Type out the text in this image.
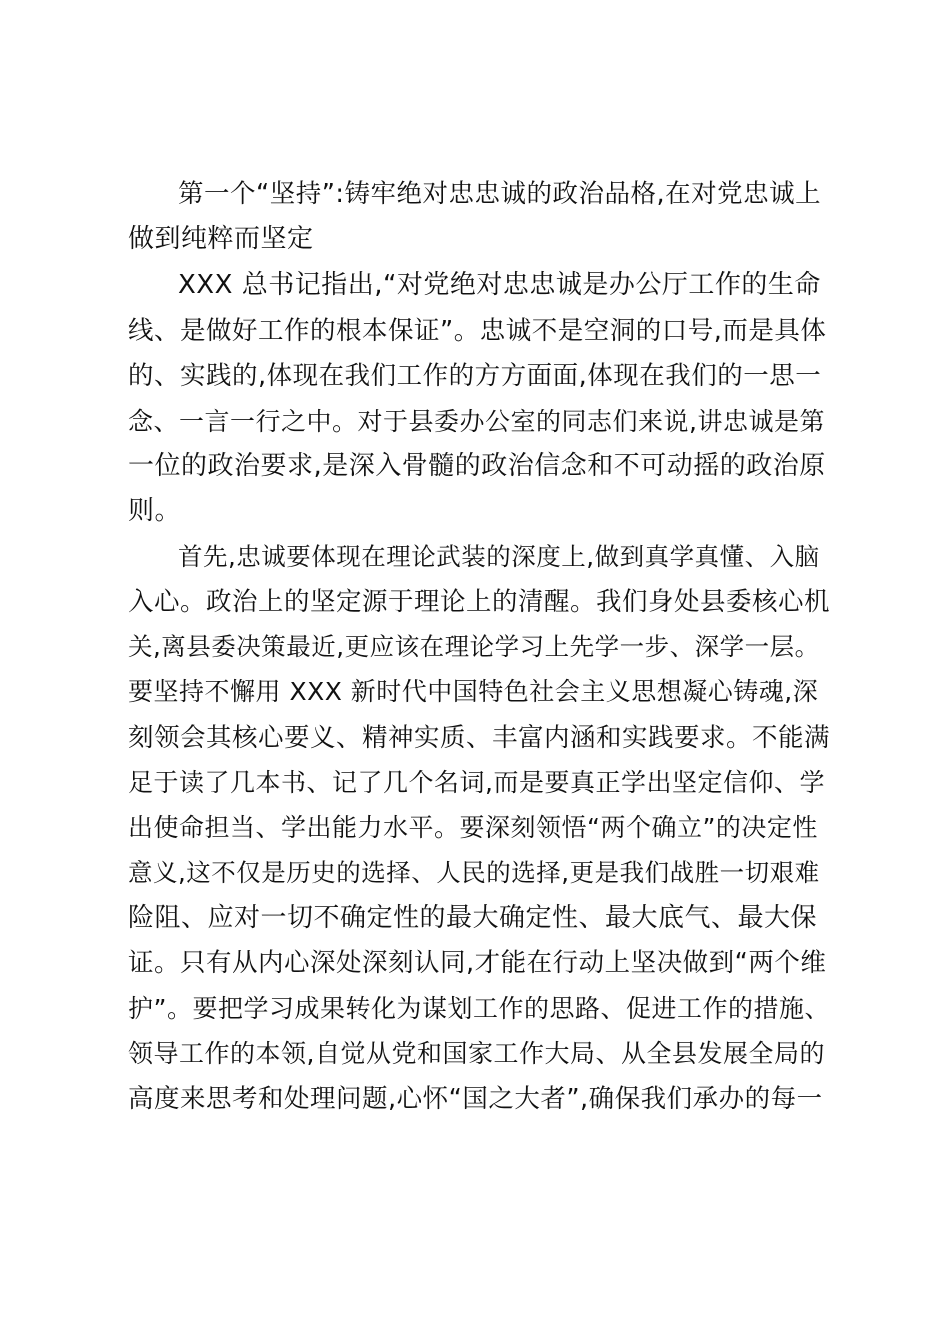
第一个“坚持”:铸牢绝对忠忠诚的政治品格,在对党忠诚上

做到纯粹而坚定

XXX 总书记指出,“对党绝对忠忠诚是办公厅工作的生命

线、是做好工作的根本保证”。忠诚不是空洞的口号,而是具体

的、实践的,体现在我们工作的方方面面,体现在我们的一思一

念、一言一行之中。对于县委办公室的同志们来说,讲忠诚是第

一位的政治要求,是深入骨髓的政治信念和不可动摇的政治原

则。

首先,忠诚要体现在理论武装的深度上,做到真学真懂、入脑

入心。政治上的坚定源于理论上的清醒。我们身处县委核心机

关,离县委决策最近,更应该在理论学习上先学一步、深学一层。

要坚持不懈用 XXX 新时代中国特色社会主义思想凝心铸魂,深

刻领会其核心要义、精神实质、丰富内涵和实践要求。不能满

足于读了几本书、记了几个名词,而是要真正学出坚定信仰、学

出使命担当、学出能力水平。要深刻领悟“两个确立”的决定性

意义,这不仅是历史的选择、人民的选择,更是我们战胜一切艰难

险阻、应对一切不确定性的最大确定性、最大底气、最大保

证。只有从内心深处深刻认同,才能在行动上坚决做到“两个维

护”。要把学习成果转化为谋划工作的思路、促进工作的措施、

领导工作的本领,自觉从党和国家工作大局、从全县发展全局的

高度来思考和处理问题,心怀“国之大者”,确保我们承办的每一
